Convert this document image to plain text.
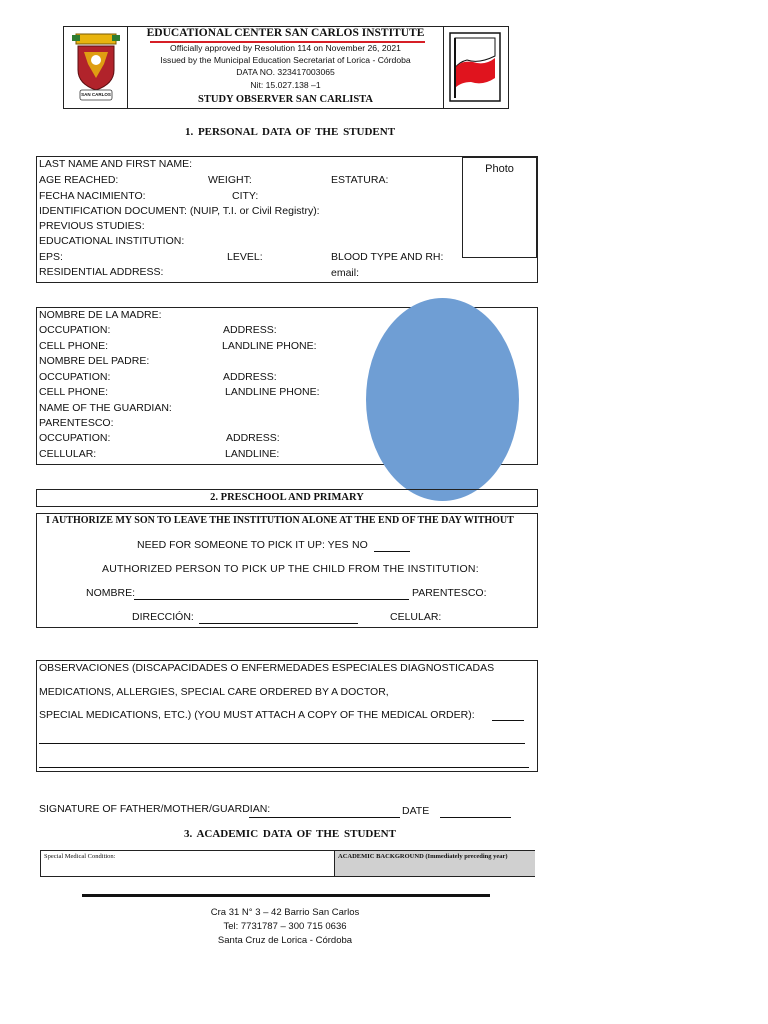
SAN CARLOS
EDUCATIONAL CENTER SAN CARLOS INSTITUTE
Officially approved by Resolution 114 on November 26, 2021
Issued by the Municipal Education Secretariat of Lorica - Córdoba
DATA NO. 323417003065
Nit: 15.027.138 –1
STUDY OBSERVER SAN CARLISTA
1. PERSONAL DATA OF THE STUDENT
Photo
LAST NAME AND FIRST NAME:
AGE REACHED:	WEIGHT:	ESTATURA:
FECHA NACIMIENTO:	CITY:
IDENTIFICATION DOCUMENT: (NUIP, T.I. or Civil Registry):
PREVIOUS STUDIES:
EDUCATIONAL INSTITUTION:
EPS:	LEVEL:	BLOOD TYPE AND RH:
RESIDENTIAL ADDRESS:	email:
NOMBRE DE LA MADRE:
OCCUPATION:	ADDRESS:
CELL PHONE:	LANDLINE PHONE:
NOMBRE DEL PADRE:
OCCUPATION:	ADDRESS:
CELL PHONE:	LANDLINE PHONE:
NAME OF THE GUARDIAN:
PARENTESCO:
OCCUPATION:	ADDRESS:
CELLULAR:	LANDLINE:
2. PRESCHOOL AND PRIMARY
I AUTHORIZE MY SON TO LEAVE THE INSTITUTION ALONE AT THE END OF THE DAY WITHOUT
NEED FOR SOMEONE TO PICK IT UP: YES NO
AUTHORIZED PERSON TO PICK UP THE CHILD FROM THE INSTITUTION:
NOMBRE:	PARENTESCO:
DIRECCIÓN:	CELULAR:
OBSERVACIONES (DISCAPACIDADES O ENFERMEDADES ESPECIALES DIAGNOSTICADAS
MEDICATIONS, ALLERGIES, SPECIAL CARE ORDERED BY A DOCTOR,
SPECIAL MEDICATIONS, ETC.) (YOU MUST ATTACH A COPY OF THE MEDICAL ORDER):
SIGNATURE OF FATHER/MOTHER/GUARDIAN:	DATE
3. ACADEMIC DATA OF THE STUDENT
Special Medical Condition:	ACADEMIC BACKGROUND (Immediately preceding year)
Cra 31 N° 3 – 42 Barrio San Carlos
Tel: 7731787 – 300 715 0636
Santa Cruz de Lorica - Córdoba
